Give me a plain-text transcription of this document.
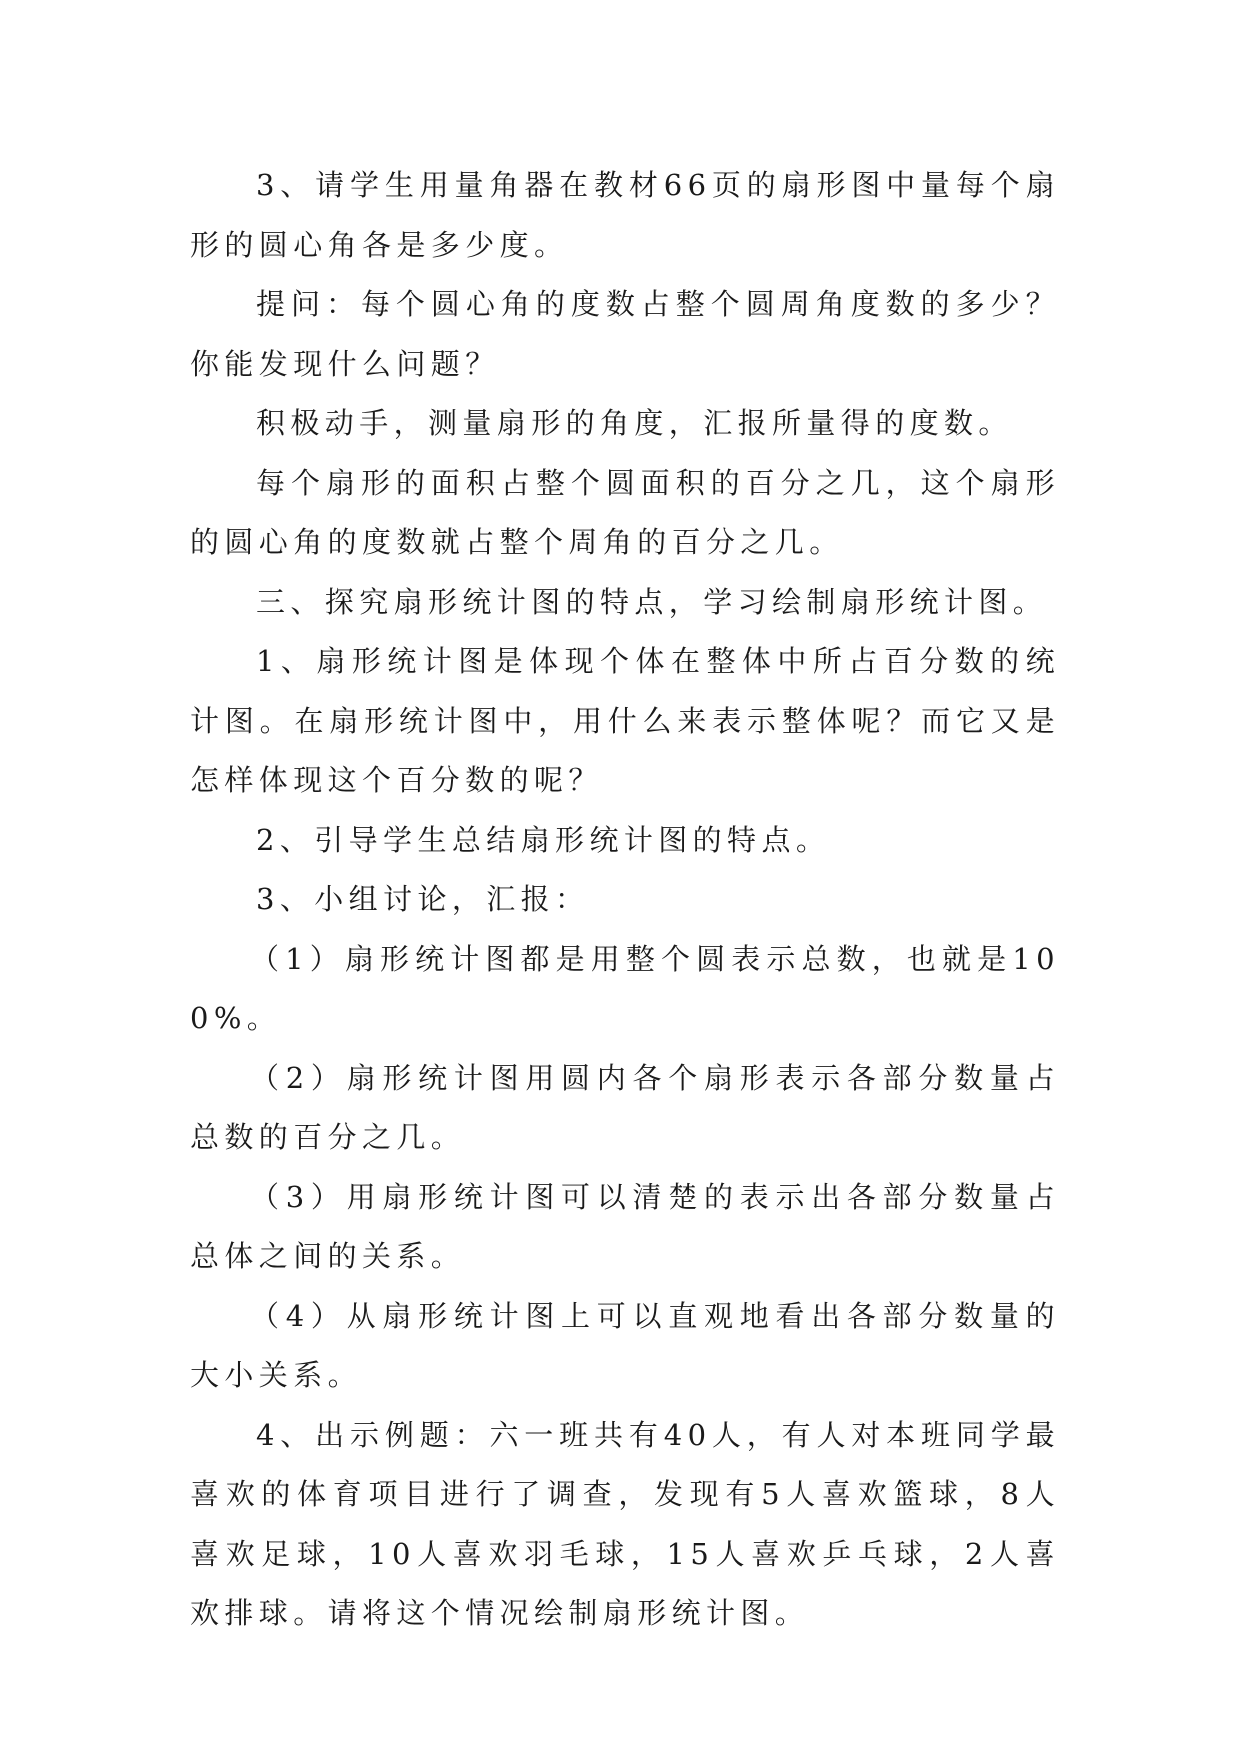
3、请学生用量角器在教材66页的扇形图中量每个扇形的圆心角各是多少度。

提问：每个圆心角的度数占整个圆周角度数的多少？你能发现什么问题？

积极动手，测量扇形的角度，汇报所量得的度数。

每个扇形的面积占整个圆面积的百分之几，这个扇形的圆心角的度数就占整个周角的百分之几。

三、探究扇形统计图的特点，学习绘制扇形统计图。

1、扇形统计图是体现个体在整体中所占百分数的统计图。在扇形统计图中，用什么来表示整体呢？而它又是怎样体现这个百分数的呢？

2、引导学生总结扇形统计图的特点。

3、小组讨论，汇报：

（1）扇形统计图都是用整个圆表示总数，也就是100%。

（2）扇形统计图用圆内各个扇形表示各部分数量占总数的百分之几。

（3）用扇形统计图可以清楚的表示出各部分数量占总体之间的关系。

（4）从扇形统计图上可以直观地看出各部分数量的大小关系。

4、出示例题：六一班共有40人，有人对本班同学最喜欢的体育项目进行了调查，发现有5人喜欢篮球，8人喜欢足球，10人喜欢羽毛球，15人喜欢乒乓球，2人喜欢排球。请将这个情况绘制扇形统计图。
